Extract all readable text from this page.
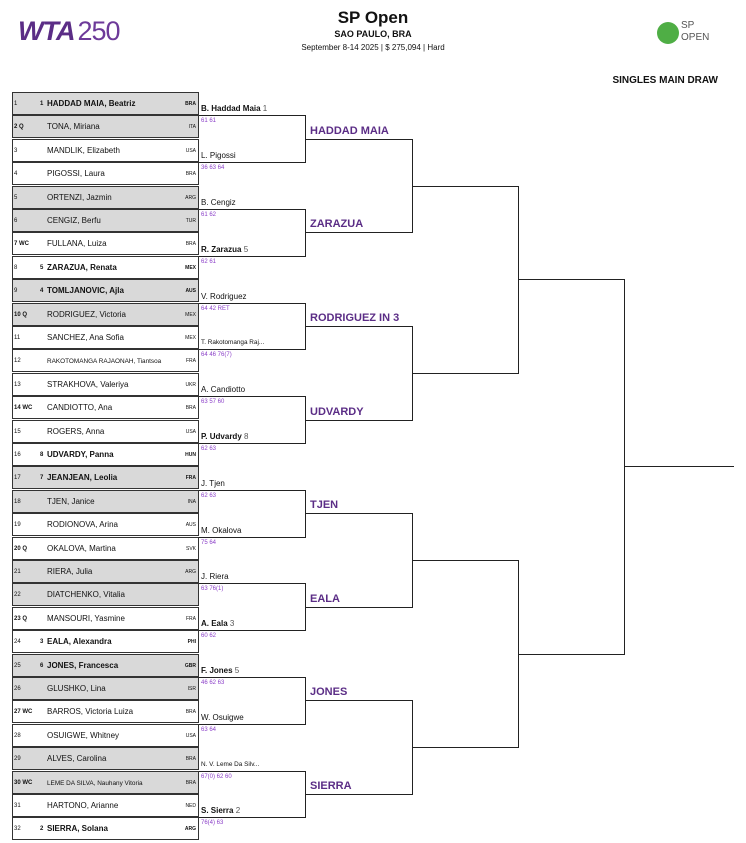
WTA 250	SP Open
SAO PAULO, BRA
September 8-14 2025 | $ 275,094 | Hard
SP
OPEN
SINGLES MAIN DRAW
1	1 HADDAD MAIA, Beatriz	BRA
2 Q	TONA, Miriana	ITA
3	MANDLIK, Elizabeth	USA
4	PIGOSSI, Laura	BRA
5	ORTENZI, Jazmin	ARG
6	CENGIZ, Berfu	TUR
7 WC FULLANA, Luiza	BRA
8	5 ZARAZUA, Renata	MEX
9	4 TOMLJANOVIC, Ajla	AUS
10 Q RODRIGUEZ, Victoria	MEX
11	SANCHEZ, Ana Sofia	MEX
12	RAKOTOMANGA RAJAONAH, Tiantsoa	FRA
13	STRAKHOVA, Valeriya	UKR
14 WC CANDIOTTO, Ana	BRA
15	ROGERS, Anna	USA
16	8 UDVARDY, Panna	HUN
17	7 JEANJEAN, Leolia	FRA
18	TJEN, Janice	INA
19	RODIONOVA, Arina	AUS
20 Q OKALOVA, Martina	SVK
21	RIERA, Julia	ARG
22	DIATCHENKO, Vitalia
23 Q MANSOURI, Yasmine	FRA
24	3 EALA, Alexandra	PHI
25	6 JONES, Francesca	GBR
26	GLUSHKO, Lina	ISR
27 WC BARROS, Victoria Luiza	BRA
28	OSUIGWE, Whitney	USA
29	ALVES, Carolina	BRA
30 WC LEME DA SILVA, Nauhany Vitoria	BRA
31	HARTONO, Arianne	NED
32	2 SIERRA, Solana	ARG
B. Haddad Maia 1
61 61
L. Pigossi
36 63 64
B. Cengiz
61 62
R. Zarazua 5
62 61
V. Rodriguez
64 42 RET
T. Rakotomanga Raj...
64 46 76(7)
A. Candiotto
63 57 60
P. Udvardy 8
62 63
J. Tjen
62 63
M. Okalova
75 64
J. Riera
63 76(1)
A. Eala 3
60 62
F. Jones 5
46 62 63
W. Osuigwe
63 64
N. V. Leme Da Silv...
67(0) 62 60
S. Sierra 2
76(4) 63
HADDAD MAIA
ZARAZUA
RODRIGUEZ IN 3
UDVARDY
TJEN
EALA
JONES
SIERRA
